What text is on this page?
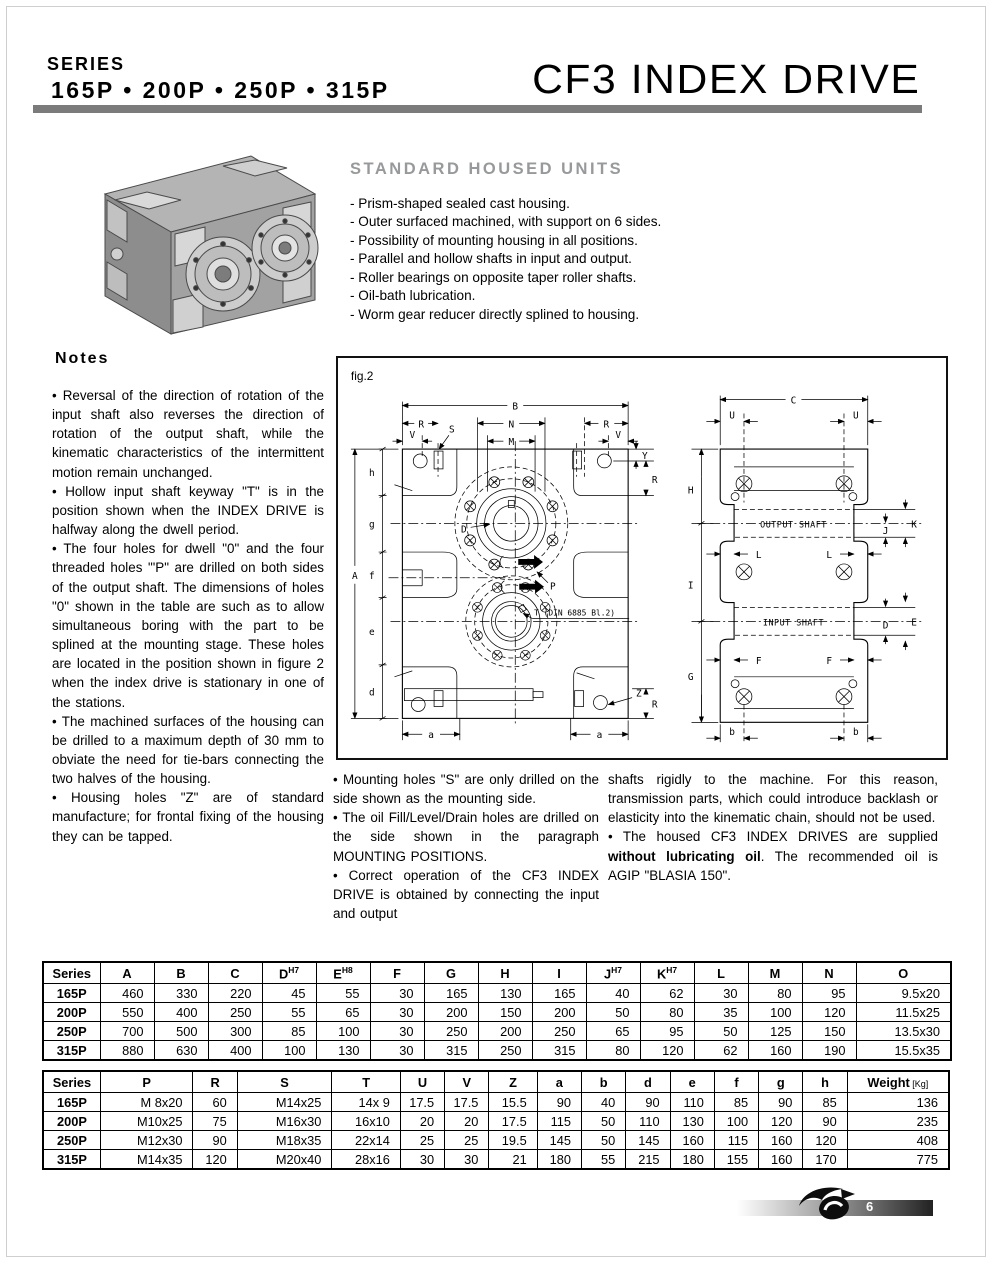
SERIES
165P • 200P • 250P • 315P	CF3 INDEX DRIVE
STANDARD HOUSED UNITS

- Prism-shaped sealed cast housing.

- Outer surfaced machined, with support on 6 sides.

- Possibility of mounting housing in all positions.

- Parallel and hollow shafts in input and output.

- Roller bearings on opposite taper roller shafts.

- Oil-bath lubrication.

- Worm gear reducer directly splined to housing.

Notes

• Reversal of the direction of rotation of the input shaft also reverses the direction of rotation of the output shaft, while the kinematic characteristics of the intermittent motion remain unchanged.

• Hollow input shaft keyway "T" is in the position shown when the INDEX DRIVE is halfway along the dwell period.

• The four holes for dwell "0" and the four threaded holes "'P" are drilled on both sides of the output shaft. The dimensions of holes "0" shown in the table are such as to allow simultaneous boring with the part to be splined at the mounting stage. These holes are located in the position shown in figure 2 when the index drive is stationary in one of the stations.

• The machined surfaces of the housing can be drilled to a maximum depth of 30 mm to obviate the need for tie-bars connecting the two halves of the housing.

• Housing holes "Z" are of standard manufacture; for frontal fixing of the housing they can be tapped.

fig.2
B
R	N	R
V
M
V
S
Y
R
A
h
g
f
e
d
a	a
Z
R
D
P
T (DIN 6885 Bl.2)
OUTPUT SHAFT
INPUT SHAFT
C
U	U
H
I
G
J
K
L	L
D E
F	F
b	b

• Mounting holes "S" are only drilled on the side shown as the mounting side.

• The oil Fill/Level/Drain holes are drilled on the side shown in the paragraph MOUNTING POSITIONS.

• Correct operation of the CF3 INDEX DRIVE is obtained by connecting the input and output

shafts rigidly to the machine. For this reason, transmission parts, which could introduce backlash or elasticity into the kinematic chain, should not be used.

• The housed CF3 INDEX DRIVES are supplied without lubricating oil. The recommended oil is AGIP "BLASIA 150".

Series	A	B	C	$D^{H7}$	$E^{H8}$	F	G	H	I	$J^{H7}$	$K^{H7}$	L	M	N	O
165P	460	330	220	45	55	30	165	130	165	40	62	30	80	95	9.5x20
200P	550	400	250	55	65	30	200	150	200	50	80	35	100	120	11.5x25
250P	700	500	300	85	100	30	250	200	250	65	95	50	125	150	13.5x30
315P	880	630	400	100	130	30	315	250	315	80	120	62	160	190	15.5x35
Series	P	R	S	T	U	V	Z	a	b	d	e	f	g	h	Weight [Kg]
165P	M 8x20	60	M14x25	14x 9	17.5	17.5	15.5	90	40	90	110	85	90	85	136
200P	M10x25	75	M16x30	16x10	20	20	17.5	115	50	110	130	100	120	90	235
250P	M12x30	90	M18x35	22x14	25	25	19.5	145	50	145	160	115	160	120	408
315P	M14x35	120	M20x40	28x16	30	30	21	180	55	215	180	155	160	170	775
6
